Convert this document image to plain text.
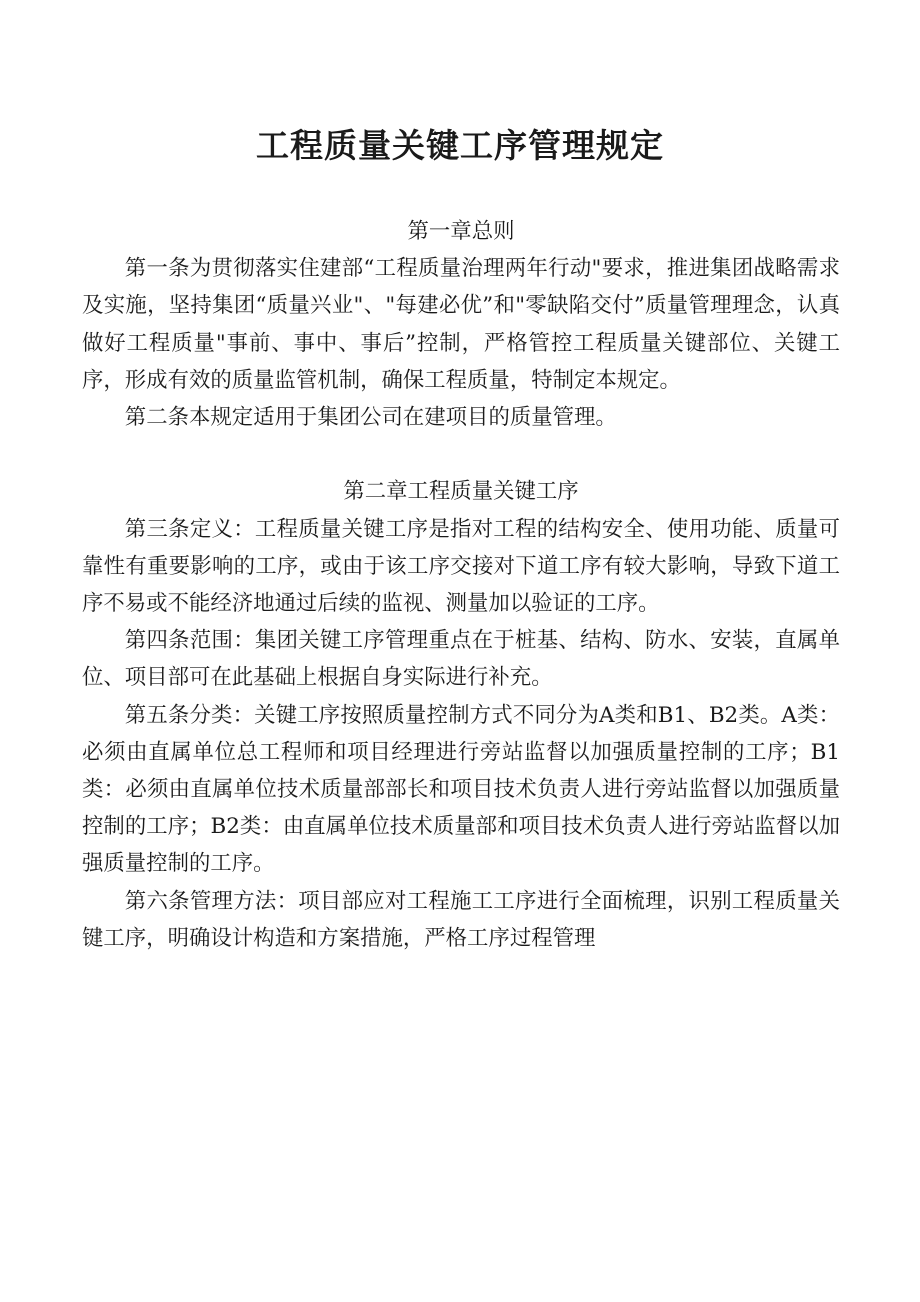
工程质量关键工序管理规定

第一章总则

第一条为贯彻落实住建部“工程质量治理两年行动"要求，推进集团战略需求及实施，坚持集团“质量兴业"、"每建必优”和"零缺陷交付”质量管理理念，认真做好工程质量"事前、事中、事后”控制，严格管控工程质量关键部位、关键工序，形成有效的质量监管机制，确保工程质量，特制定本规定。

第二条本规定适用于集团公司在建项目的质量管理。

第二章工程质量关键工序

第三条定义：工程质量关键工序是指对工程的结构安全、使用功能、质量可靠性有重要影响的工序，或由于该工序交接对下道工序有较大影响，导致下道工序不易或不能经济地通过后续的监视、测量加以验证的工序。

第四条范围：集团关键工序管理重点在于桩基、结构、防水、安装，直属单位、项目部可在此基础上根据自身实际进行补充。

第五条分类：关键工序按照质量控制方式不同分为A类和B1、B2类。A类：必须由直属单位总工程师和项目经理进行旁站监督以加强质量控制的工序；B1类：必须由直属单位技术质量部部长和项目技术负责人进行旁站监督以加强质量控制的工序；B2类：由直属单位技术质量部和项目技术负责人进行旁站监督以加强质量控制的工序。

第六条管理方法：项目部应对工程施工工序进行全面梳理，识别工程质量关键工序，明确设计构造和方案措施，严格工序过程管理
